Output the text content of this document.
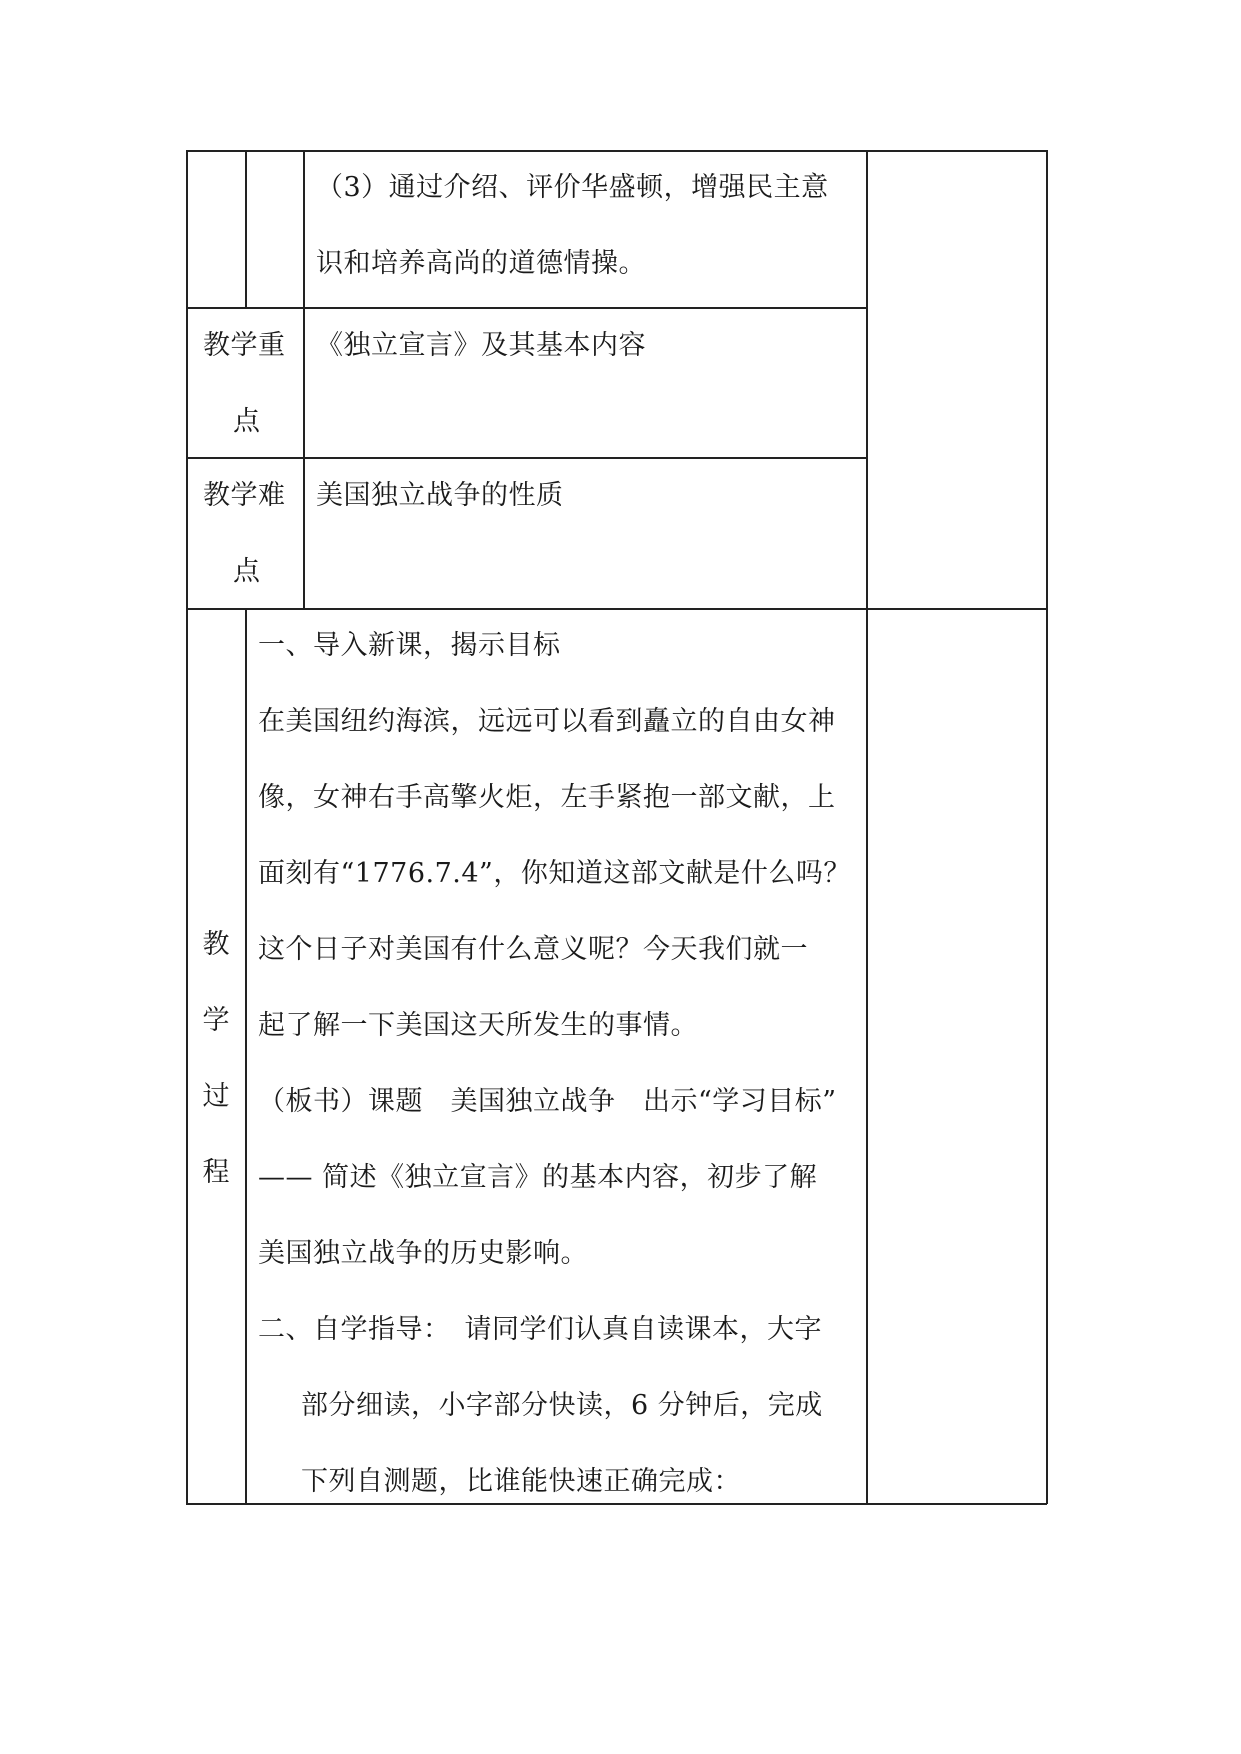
（3）通过介绍、评价华盛顿，增强民主意
识和培养高尚的道德情操。
教学重
点
《独立宣言》及其基本内容
教学难
点
美国独立战争的性质
教
学
过
程
一、导入新课，揭示目标
在美国纽约海滨，远远可以看到矗立的自由女神
像，女神右手高擎火炬，左手紧抱一部文献，上
面刻有“1776.7.4”，你知道这部文献是什么吗？
这个日子对美国有什么意义呢？今天我们就一
起了解一下美国这天所发生的事情。
（板书）课题　美国独立战争　出示“学习目标”
—— 简述《独立宣言》的基本内容，初步了解
美国独立战争的历史影响。
二、自学指导：　请同学们认真自读课本，大字
部分细读，小字部分快读，6 分钟后，完成
下列自测题，比谁能快速正确完成：
